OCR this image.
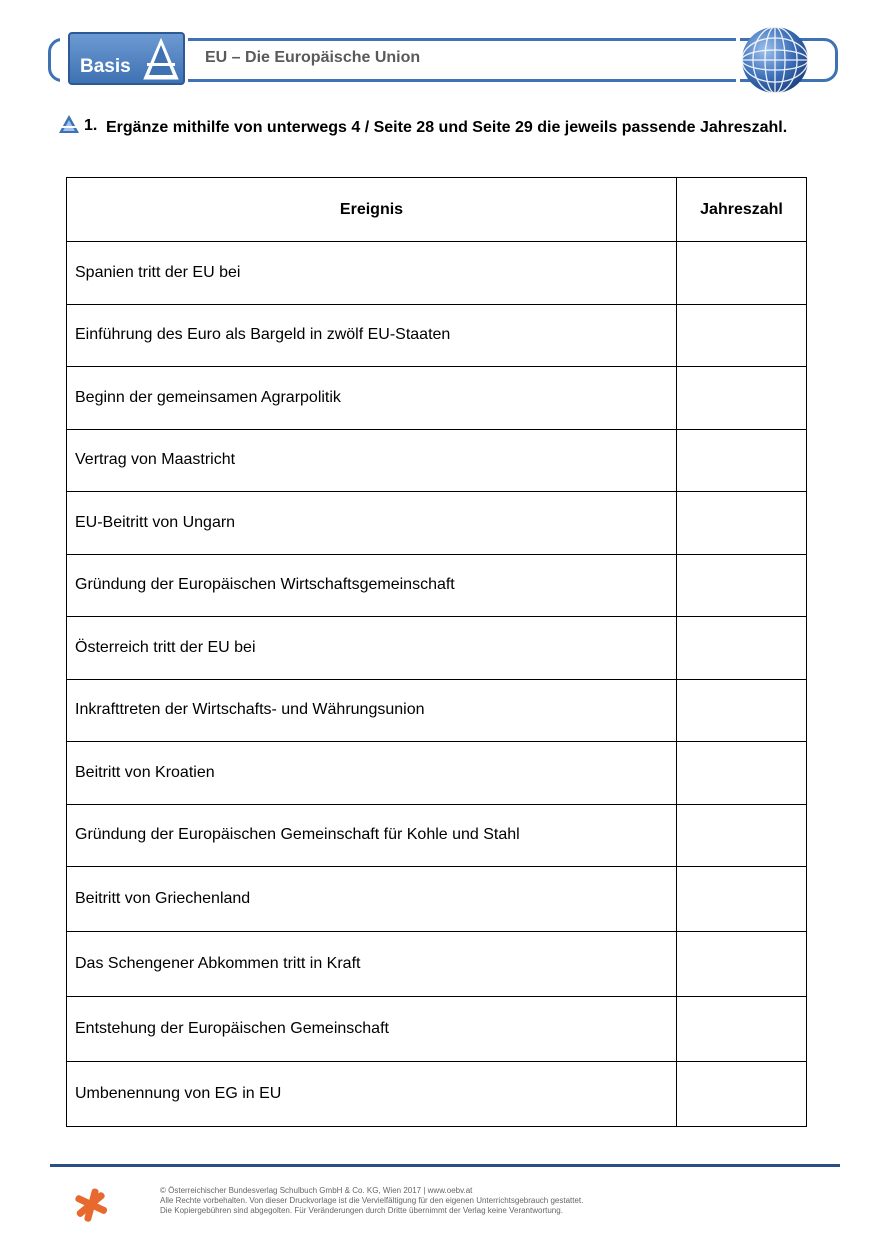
Basis	EU – Die Europäische Union
1. Ergänze mithilfe von unterwegs 4 / Seite 28 und Seite 29 die jeweils passende Jahreszahl.
Ereignis	Jahreszahl
Spanien tritt der EU bei	
Einführung des Euro als Bargeld in zwölf EU-Staaten	
Beginn der gemeinsamen Agrarpolitik	
Vertrag von Maastricht	
EU-Beitritt von Ungarn	
Gründung der Europäischen Wirtschaftsgemeinschaft	
Österreich tritt der EU bei	
Inkrafttreten der Wirtschafts- und Währungsunion	
Beitritt von Kroatien	
Gründung der Europäischen Gemeinschaft für Kohle und Stahl	
Beitritt von Griechenland	
Das Schengener Abkommen tritt in Kraft	
Entstehung der Europäischen Gemeinschaft	
Umbenennung von EG in EU	
© Österreichischer Bundesverlag Schulbuch GmbH & Co. KG, Wien 2017 | www.oebv.at
Alle Rechte vorbehalten. Von dieser Druckvorlage ist die Vervielfältigung für den eigenen Unterrichtsgebrauch gestattet.
Die Kopiergebühren sind abgegolten. Für Veränderungen durch Dritte übernimmt der Verlag keine Verantwortung.
